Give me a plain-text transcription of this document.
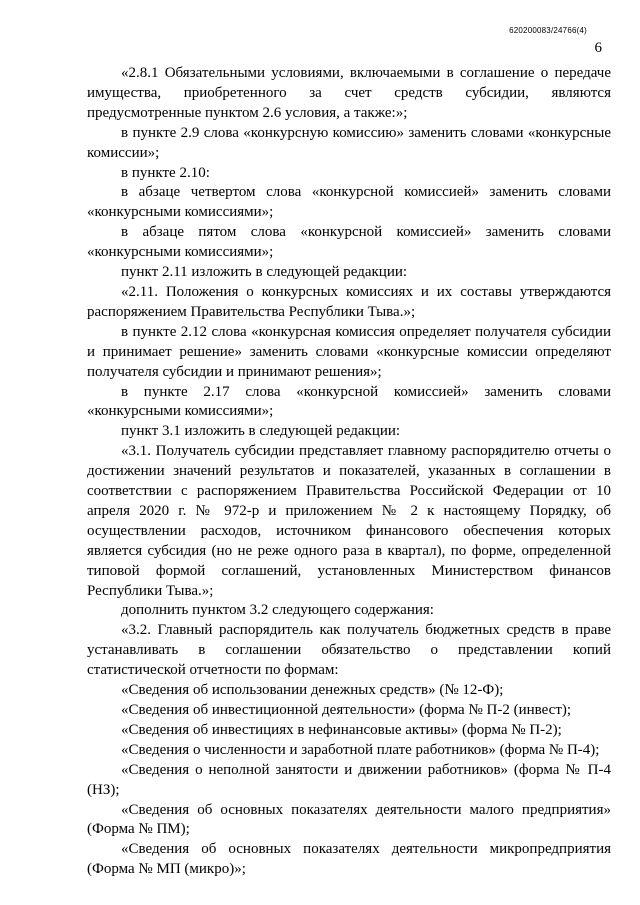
620200083/24766(4)
6

«2.8.1 Обязательными условиями, включаемыми в соглашение о передаче имущества, приобретенного за счет средств субсидии, являются предусмотренные пунктом 2.6 условия, а также:»;

в пункте 2.9 слова «конкурсную комиссию» заменить словами «конкурсные комиссии»;

в пункте 2.10:

в абзаце четвертом слова «конкурсной комиссией» заменить словами «конкурсными комиссиями»;

в абзаце пятом слова «конкурсной комиссией» заменить словами «конкурсными комиссиями»;

пункт 2.11 изложить в следующей редакции:

«2.11. Положения о конкурсных комиссиях и их составы утверждаются распоряжением Правительства Республики Тыва.»;

в пункте 2.12 слова «конкурсная комиссия определяет получателя субсидии и принимает решение» заменить словами «конкурсные комиссии определяют получателя субсидии и принимают решения»;

в пункте 2.17 слова «конкурсной комиссией» заменить словами «конкурсными комиссиями»;

пункт 3.1 изложить в следующей редакции:

«3.1. Получатель субсидии представляет главному распорядителю отчеты о достижении значений результатов и показателей, указанных в соглашении в соответствии с распоряжением Правительства Российской Федерации от 10 апреля 2020 г. № 972-р и приложением № 2 к настоящему Порядку, об осуществлении расходов, источником финансового обеспечения которых является субсидия (но не реже одного раза в квартал), по форме, определенной типовой формой соглашений, установленных Министерством финансов Республики Тыва.»;

дополнить пунктом 3.2 следующего содержания:

«3.2. Главный распорядитель как получатель бюджетных средств в праве устанавливать в соглашении обязательство о представлении копий статистической отчетности по формам:

«Сведения об использовании денежных средств» (№ 12-Ф);

«Сведения об инвестиционной деятельности» (форма № П-2 (инвест);

«Сведения об инвестициях в нефинансовые активы» (форма № П-2);

«Сведения о численности и заработной плате работников» (форма № П-4);

«Сведения о неполной занятости и движении работников» (форма № П-4 (НЗ);

«Сведения об основных показателях деятельности малого предприятия» (Форма № ПМ);

«Сведения об основных показателях деятельности микропредприятия (Форма № МП (микро)»;
